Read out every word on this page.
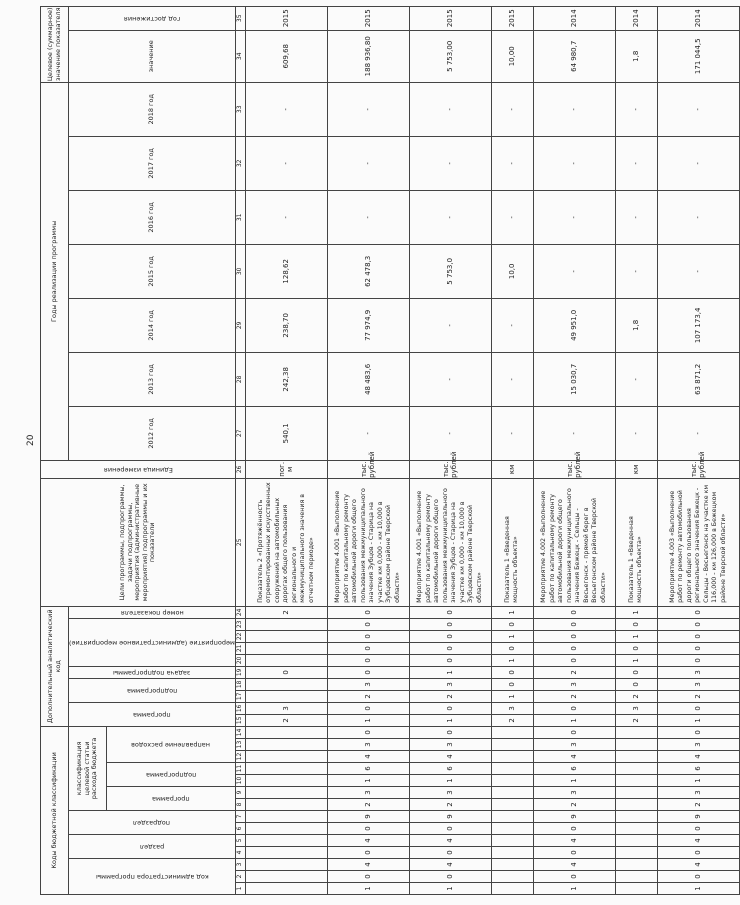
20
Коды бюджетной классификации														Дополнительный аналитический код										Цели программы, подпрограммы, задачи подпрограммы, мероприятия (административные мероприятия) подпрограммы и их показатели	Единица измерения	Годы реализации программы							Целевое (суммарное) значение показателя	

код администратора программы			раздел		подраздел		классификация целевой статьи расхода бюджета							программа		подпрограмма		задача подпрограммы	мероприятие (административное мероприятие)				номер показателя			2012 год	2013 год	2014 год	2015 год	2016 год	2017 год	2018 год	значение	год достижения

							программа		подпрограмма		направление расходов																							

1	2	3	4	5	6	7	8	9	10	11	12	13	14	15	16	17	18	19	20	21	22	23	24	25	26	27	28	29	30	31	32	33	34	35
														2	3			0					2	Показатель 2 «Протяжённость отремонтированных искусственных сооружений на автомобильных дорогах общего пользования регионального и межмуниципального значения в отчетном периоде»	пог. м	540,1	242,38	238,70	128,62	-	-	-	609,68	2015
1	0	4	0	4	0	9	2	3	1	6	4	3	0	1	0	2	3	0	0	0	0	0	0	Мероприятие 4.001 «Выполнение работ по капитальному ремонту автомобильной дороги общего пользования межмуниципального значения Зубцов - Старица на участке км 0,000 - км 10,000 в Зубцовском районе Тверской области»	тыс. рублей	-	48 483,6	77 974,9	62 478,3	-	-	-	188 936,80	2015
1	0	4	0	4	0	9	2	3	1	6	4	3	0	1	0	2	3	1	0	0	0	0	0	Мероприятие 4.001 «Выполнение работ по капитальному ремонту автомобильной дороги общего пользования межмуниципального значения Зубцов - Старица на участке км 0,000 - км 10,000 в Зубцовском районе Тверской области»	тыс. рублей	-	-	-	5 753,0	-	-	-	5 753,00	2015
														2	3	1	0	0	1	0	1	0	1	Показатель 1 «Введенная мощность объекта»	км	-	-	-	10,0	-	-	-	10,00	2015
1	0	4	0	4	0	9	2	3	1	6	4	3	0	1	0	2	3	2	0	0	0	0	0	Мероприятие 4.002 «Выполнение работ по капитальному ремонту автомобильной дороги общего пользования межмуниципального значения Бежецк - Сельцы - Весьегонск - прямой берег в Весьегонском районе Тверской области»	тыс. рублей	-	15 030,7	49 951,0	-	-	-	-	64 980,7	2014
														2	3	2	0	0	1	0	1	0	1	Показатель 1 «Введенная мощность объекта»	км	-	-	1,8	-	-	-	-	1,8	2014
1	0	4	0	4	0	9	2	3	1	6	4	3	0	1	0	2	3	3	0	0	0	0	0	Мероприятие 4.003 «Выполнение работ по ремонту автомобильной дороги общего пользования регионального значения Бежецк - Сельцы - Весьегонск на участке км 116,000 - км 126,000 в Бежецком районе Тверской области»	тыс. рублей	-	63 871,2	107 173,4	-	-	-	-	171 044,5	2014
